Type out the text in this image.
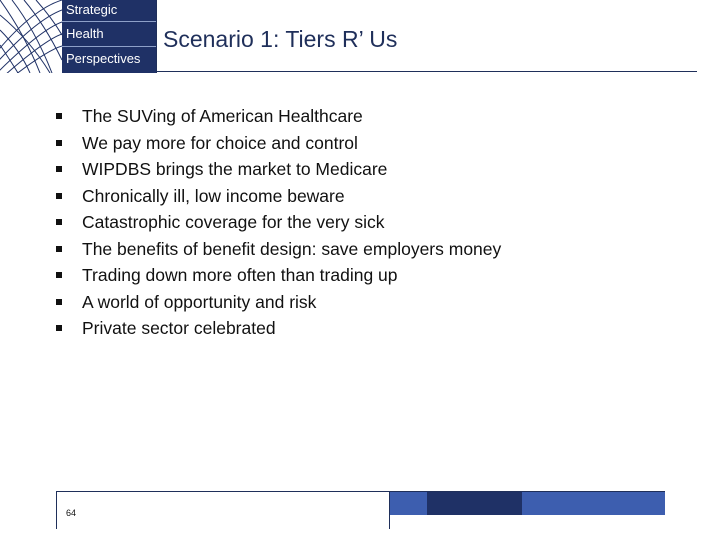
Strategic
Health
Perspectives
Scenario 1: Tiers R’ Us
The SUVing of American Healthcare
We pay more for choice and control
WIPDBS brings the market to Medicare
Chronically ill, low income beware
Catastrophic coverage for the very sick
The benefits of benefit design: save employers money
Trading down more often than trading up
A world of opportunity and risk
Private sector celebrated
64
